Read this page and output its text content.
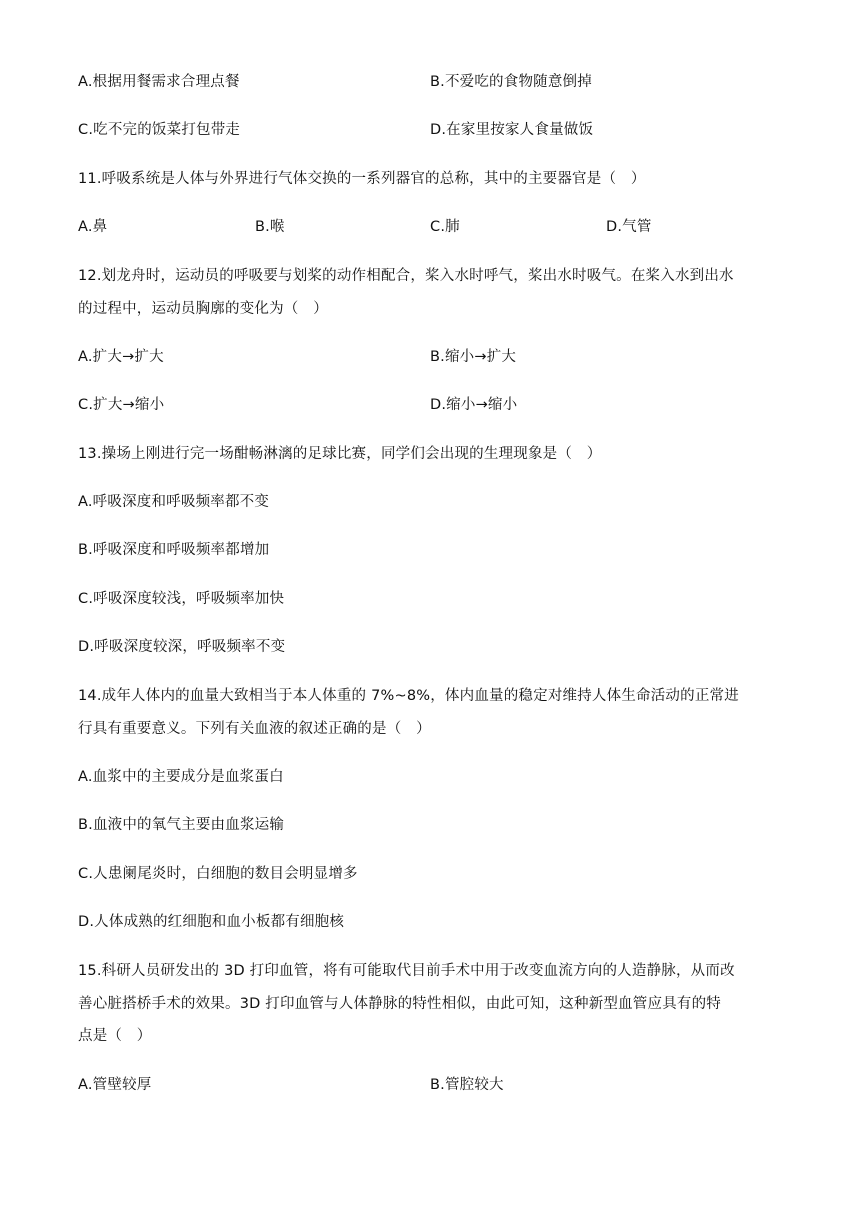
A.根据用餐需求合理点餐	B.不爱吃的食物随意倒掉
C.吃不完的饭菜打包带走	D.在家里按家人食量做饭
11.呼吸系统是人体与外界进行气体交换的一系列器官的总称，其中的主要器官是（　）
A.鼻	B.喉	C.肺	D.气管
12.划龙舟时，运动员的呼吸要与划桨的动作相配合，桨入水时呼气，桨出水时吸气。在桨入水到出水
的过程中，运动员胸廓的变化为（　）
A.扩大→扩大	B.缩小→扩大
C.扩大→缩小	D.缩小→缩小
13.操场上刚进行完一场酣畅淋漓的足球比赛，同学们会出现的生理现象是（　）
A.呼吸深度和呼吸频率都不变
B.呼吸深度和呼吸频率都增加
C.呼吸深度较浅，呼吸频率加快
D.呼吸深度较深，呼吸频率不变
14.成年人体内的血量大致相当于本人体重的 7%~8%，体内血量的稳定对维持人体生命活动的正常进
行具有重要意义。下列有关血液的叙述正确的是（　）
A.血浆中的主要成分是血浆蛋白
B.血液中的氧气主要由血浆运输
C.人患阑尾炎时，白细胞的数目会明显增多
D.人体成熟的红细胞和血小板都有细胞核
15.科研人员研发出的 3D 打印血管，将有可能取代目前手术中用于改变血流方向的人造静脉，从而改
善心脏搭桥手术的效果。3D 打印血管与人体静脉的特性相似，由此可知，这种新型血管应具有的特
点是（　）
A.管壁较厚	B.管腔较大
